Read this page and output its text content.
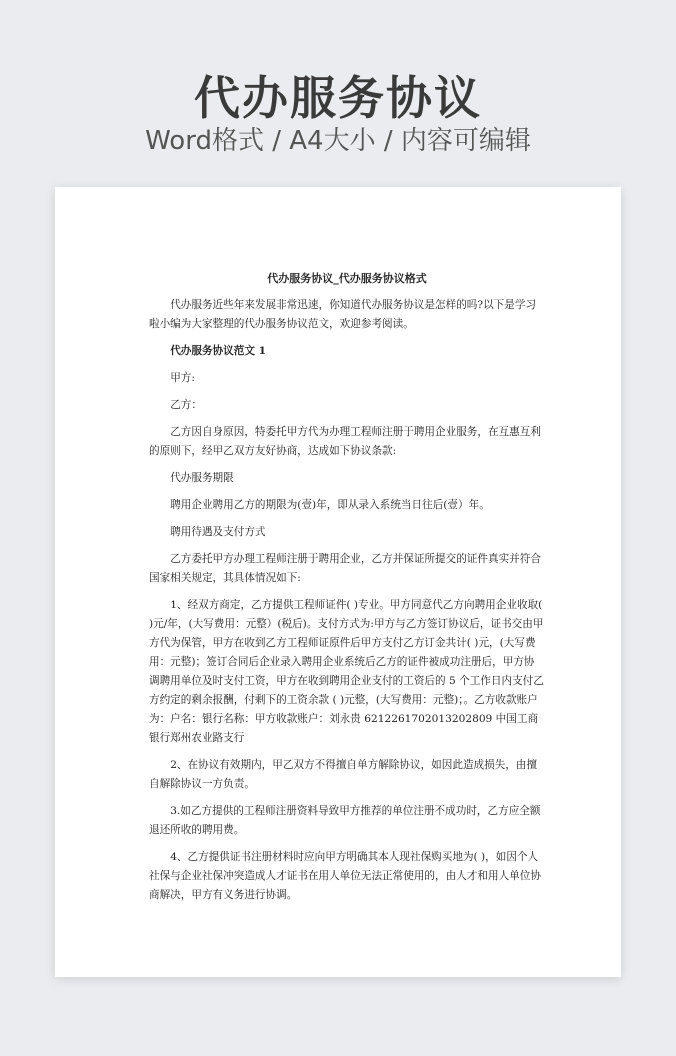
代办服务协议

Word格式 / A4大小 / 内容可编辑

代办服务协议_代办服务协议格式

代办服务近些年来发展非常迅速，你知道代办服务协议是怎样的吗?以下是学习啦小编为大家整理的代办服务协议范文，欢迎参考阅读。

代办服务协议范文 1

甲方:

乙方：

乙方因自身原因，特委托甲方代为办理工程师注册于聘用企业服务，在互惠互利的原则下，经甲乙双方友好协商，达成如下协议条款:

代办服务期限

聘用企业聘用乙方的期限为(壹)年，即从录入系统当日往后(壹）年。

聘用待遇及支付方式

乙方委托甲方办理工程师注册于聘用企业，乙方并保证所提交的证件真实并符合国家相关规定，其具体情况如下:

1、经双方商定，乙方提供工程师证件( )专业。甲方同意代乙方向聘用企业收取( )元/年，(大写费用：元整）(税后)。支付方式为:甲方与乙方签订协议后，证书交由甲方代为保管，甲方在收到乙方工程师证原件后甲方支付乙方订金共计( )元，(大写费用：元整)；签订合同后企业录入聘用企业系统后乙方的证件被成功注册后，甲方协调聘用单位及时支付工资，甲方在收到聘用企业支付的工资后的 5 个工作日内支付乙方约定的剩余报酬，付剩下的工资余款 ( )元整，(大写费用：元整)；。乙方收款账户为：户名：银行名称：甲方收款账户：刘永贵 6212261702013202809 中国工商银行郑州农业路支行

2、在协议有效期内，甲乙双方不得擅自单方解除协议，如因此造成损失，由擅自解除协议一方负责。

3.如乙方提供的工程师注册资料导致甲方推荐的单位注册不成功时，乙方应全额退还所收的聘用费。

4、乙方提供证书注册材料时应向甲方明确其本人现社保购买地为( )，如因个人社保与企业社保冲突造成人才证书在用人单位无法正常使用的，由人才和用人单位协商解决，甲方有义务进行协调。
